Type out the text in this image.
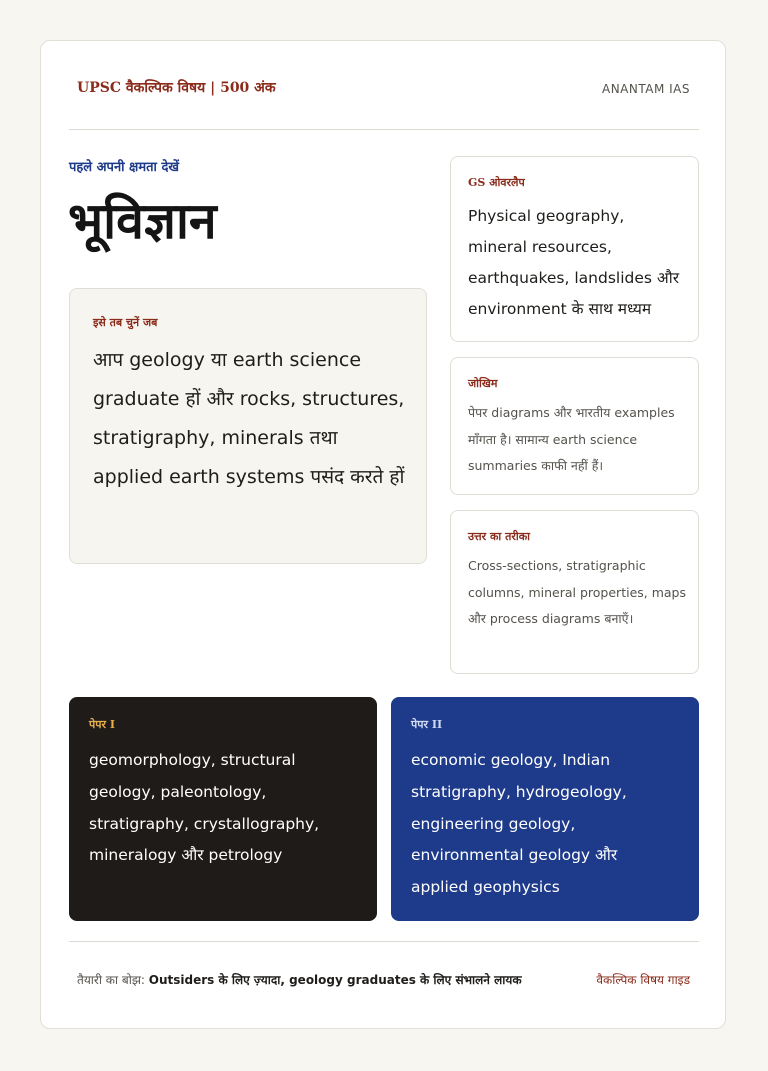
UPSC वैकल्पिक विषय | 500 अंक	ANANTAM IAS
पहले अपनी क्षमता देखें
भूविज्ञान
इसे तब चुनें जब
आप geology या earth science graduate हों और rocks, structures, stratigraphy, minerals तथा applied earth systems पसंद करते हों
GS ओवरलैप
Physical geography, mineral resources, earthquakes, landslides और environment के साथ मध्यम
जोखिम
पेपर diagrams और भारतीय examples माँगता है। सामान्य earth science summaries काफी नहीं हैं।
उत्तर का तरीका
Cross-sections, stratigraphic columns, mineral properties, maps और process diagrams बनाएँ।
पेपर I
geomorphology, structural geology, paleontology, stratigraphy, crystallography, mineralogy और petrology
पेपर II
economic geology, Indian stratigraphy, hydrogeology, engineering geology, environmental geology और applied geophysics
तैयारी का बोझ: Outsiders के लिए ज़्यादा, geology graduates के लिए संभालने लायक	वैकल्पिक विषय गाइड
